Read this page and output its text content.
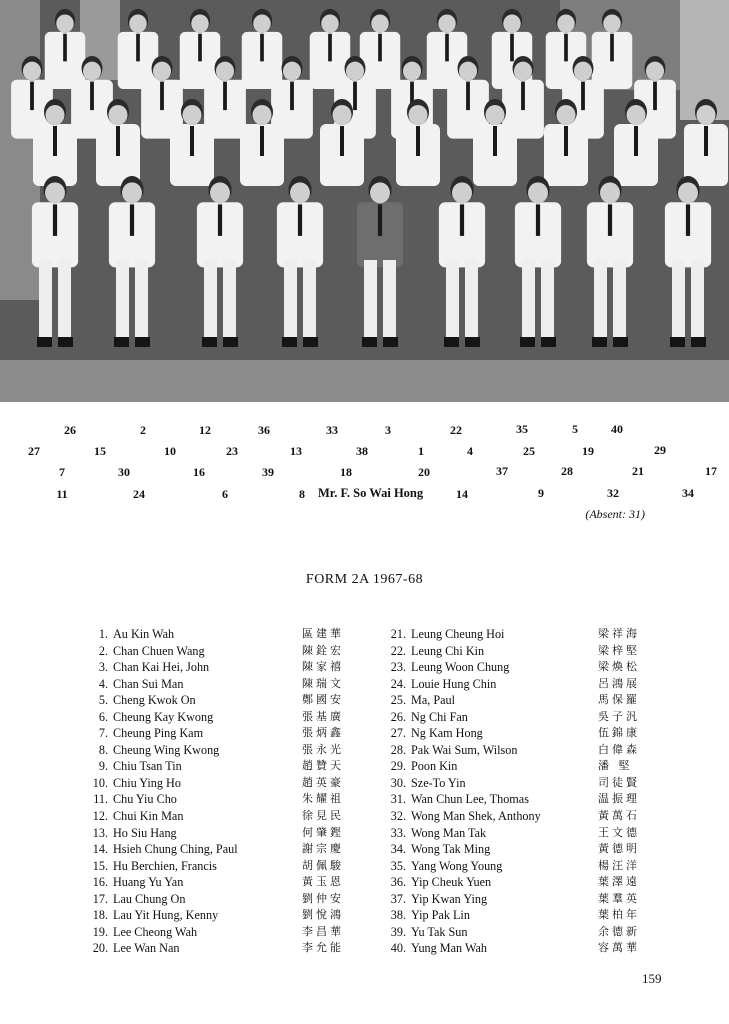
26	2	12	36	33	3	22	35	5	40
27	15	10	23	13	38	1	4	25	19	29
7	30	16	39	18	20	37	28	21	17
11	24	6	8 Mr. F. So Wai Hong	14	9	32	34
(Absent: 31)
FORM 2A 1967-68
1. Au Kin Wah	區建華
2. Chan Chuen Wang	陳銓宏
3. Chan Kai Hei, John	陳家禧
4. Chan Sui Man	陳瑞文
5. Cheng Kwok On	鄭國安
6. Cheung Kay Kwong	張基廣
7. Cheung Ping Kam	張炳鑫
8. Cheung Wing Kwong	張永光
9. Chiu Tsan Tin	趙贊天
10. Chiu Ying Ho	趙英豪
11. Chu Yiu Cho	朱耀祖
12. Chui Kin Man	徐見民
13. Ho Siu Hang	何肇鏗
14. Hsieh Chung Ching, Paul	謝宗慶
15. Hu Berchien, Francis	胡佩駿
16. Huang Yu Yan	黃玉恩
17. Lau Chung On	劉仲安
18. Lau Yit Hung, Kenny	劉悅鴻
19. Lee Cheong Wah	李昌華
20. Lee Wan Nan	李允能
21. Leung Cheung Hoi	梁祥海
22. Leung Chi Kin	梁梓堅
23. Leung Woon Chung	梁煥松
24. Louie Hung Chin	呂鴻展
25. Ma, Paul	馬保羅
26. Ng Chi Fan	吳子汎
27. Ng Kam Hong	伍錦康
28. Pak Wai Sum, Wilson	白偉森
29. Poon Kin	潘 堅
30. Sze-To Yin	司徒賢
31. Wan Chun Lee, Thomas	温振理
32. Wong Man Shek, Anthony	黃萬石
33. Wong Man Tak	王文德
34. Wong Tak Ming	黃德明
35. Yang Wong Young	楊汪洋
36. Yip Cheuk Yuen	葉澤遠
37. Yip Kwan Ying	葉羣英
38. Yip Pak Lin	葉柏年
39. Yu Tak Sun	余德新
40. Yung Man Wah	容萬華
159
